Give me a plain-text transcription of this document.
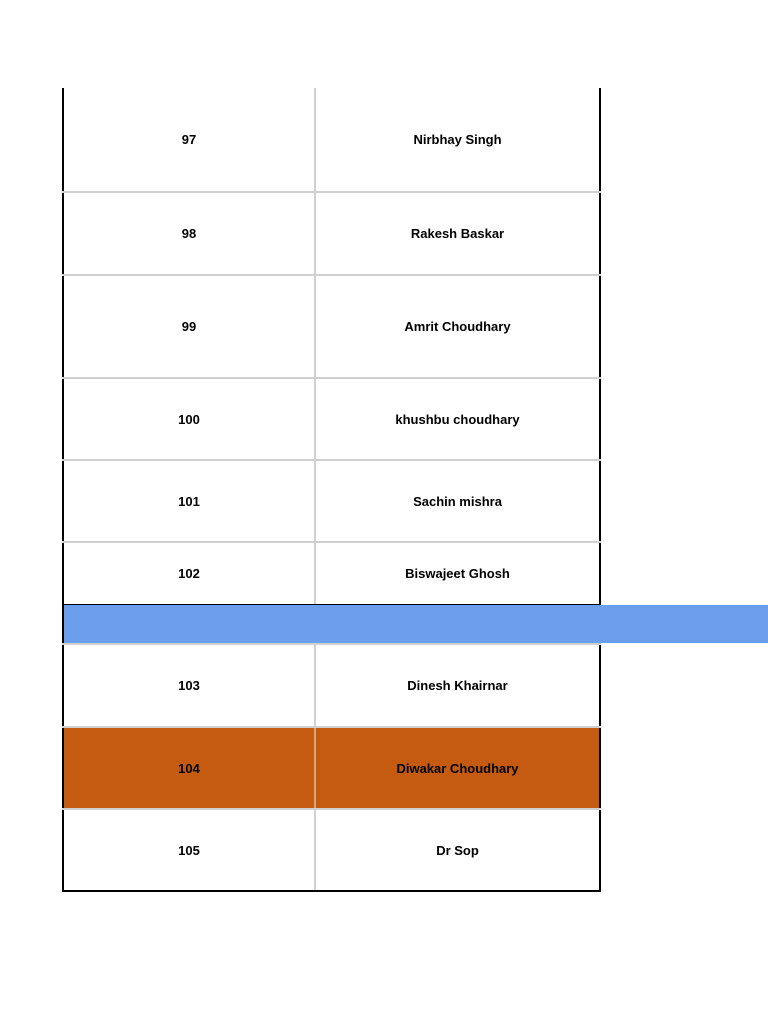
97	Nirbhay Singh
98	Rakesh Baskar
99	Amrit Choudhary
100	khushbu choudhary
101	Sachin mishra
102	Biswajeet Ghosh
103	Dinesh Khairnar
104	Diwakar Choudhary
105	Dr Sop
